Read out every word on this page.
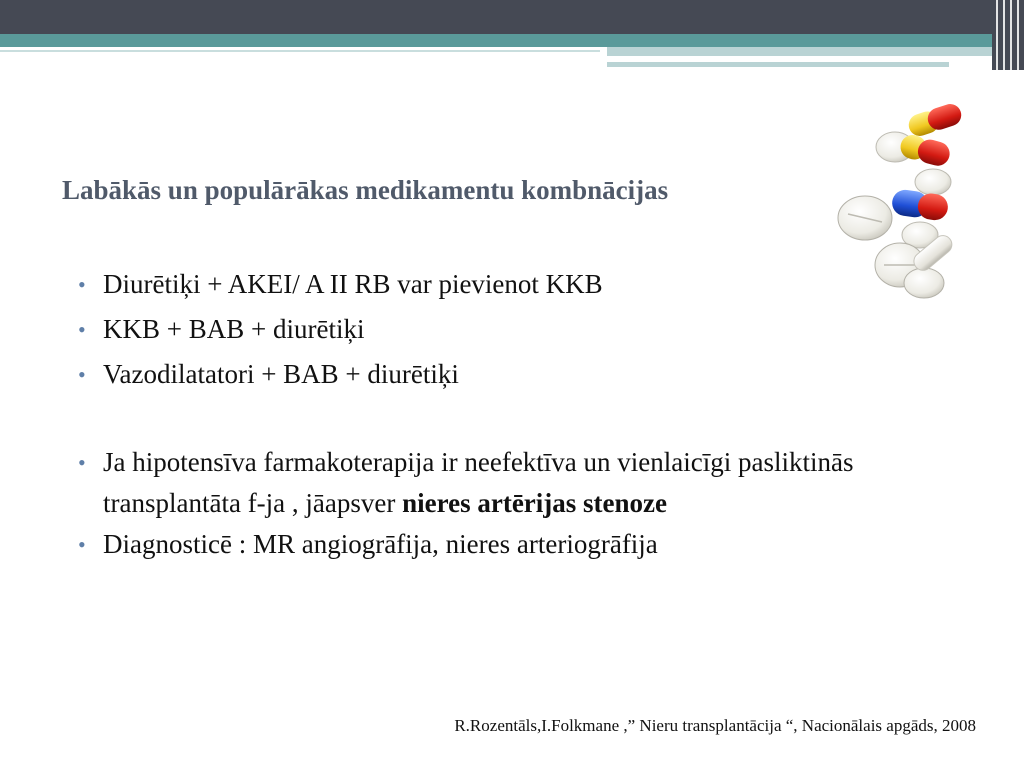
Labākās un populārākas medikamentu kombnācijas
• Diurētiķi + AKEI/ A II RB var pievienot KKB
• KKB + BAB + diurētiķi
• Vazodilatatori + BAB + diurētiķi
• Ja hipotensīva farmakoterapija ir neefektīva un vienlaicīgi pasliktinās transplantāta f-ja , jāapsver nieres artērijas stenoze
• Diagnosticē : MR angiogrāfija, nieres arteriogrāfija
R.Rozentāls,I.Folkmane ,” Nieru transplantācija “, Nacionālais apgāds, 2008
